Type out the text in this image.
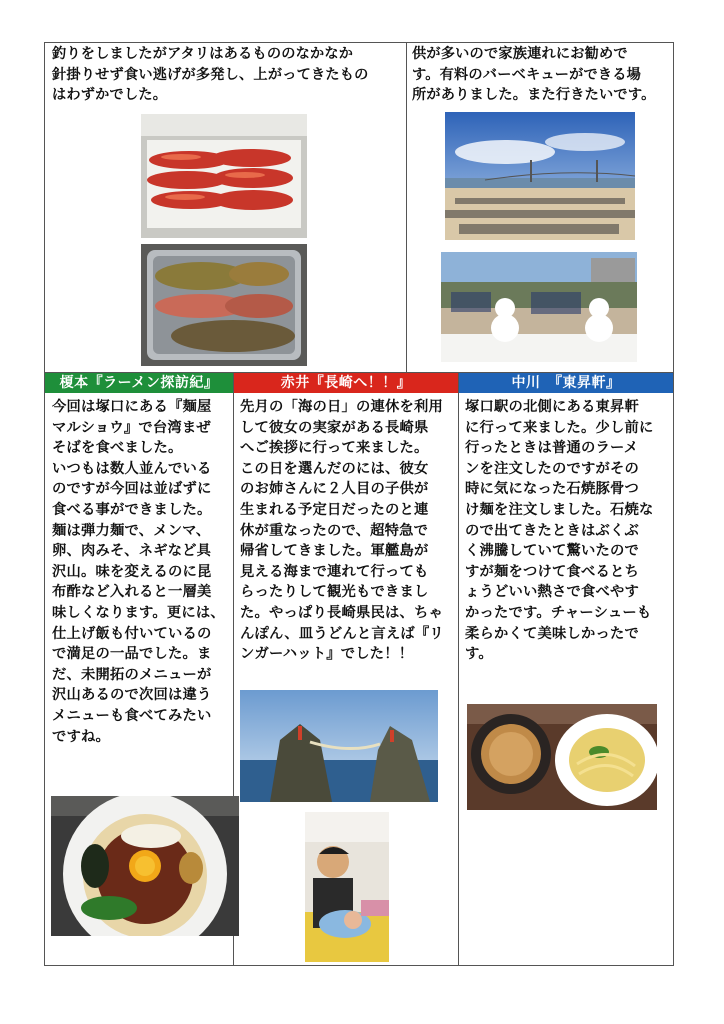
釣りをしましたがアタリはあるもののなかなか
針掛りせず食い逃げが多発し、上がってきたもの
はわずかでした。
供が多いので家族連れにお勧めで
す。有料のバーベキューができる場
所がありました。また行きたいです。
榎本『ラーメン探訪紀』
今回は塚口にある『麺屋
マルショウ』で台湾まぜ
そばを食べました。
いつもは数人並んでいる
のですが今回は並ばずに
食べる事ができました。
麺は弾力麺で、メンマ、
卵、肉みそ、ネギなど具
沢山。味を変えるのに昆
布酢など入れると一層美
味しくなります。更には、
仕上げ飯も付いているの
で満足の一品でした。ま
だ、未開拓のメニューが
沢山あるので次回は違う
メニューも食べてみたい
ですね。
赤井『長崎へ！！』
先月の「海の日」の連休を利用
して彼女の実家がある長崎県
へご挨拶に行って来ました。
この日を選んだのには、彼女
のお姉さんに２人目の子供が
生まれる予定日だったのと連
休が重なったので、超特急で
帰省してきました。軍艦島が
見える海まで連れて行っても
らったりして観光もできまし
た。やっぱり長崎県民は、ちゃ
んぽん、皿うどんと言えば『リ
ンガーハット』でした！！
中川　『東昇軒』
塚口駅の北側にある東昇軒
に行って来ました。少し前に
行ったときは普通のラーメ
ンを注文したのですがその
時に気になった石焼豚骨つ
け麺を注文しました。石焼な
ので出てきたときはぶくぶ
く沸騰していて驚いたので
すが麺をつけて食べるとち
ょうどいい熱さで食べやす
かったです。チャーシューも
柔らかくて美味しかったで
す。
